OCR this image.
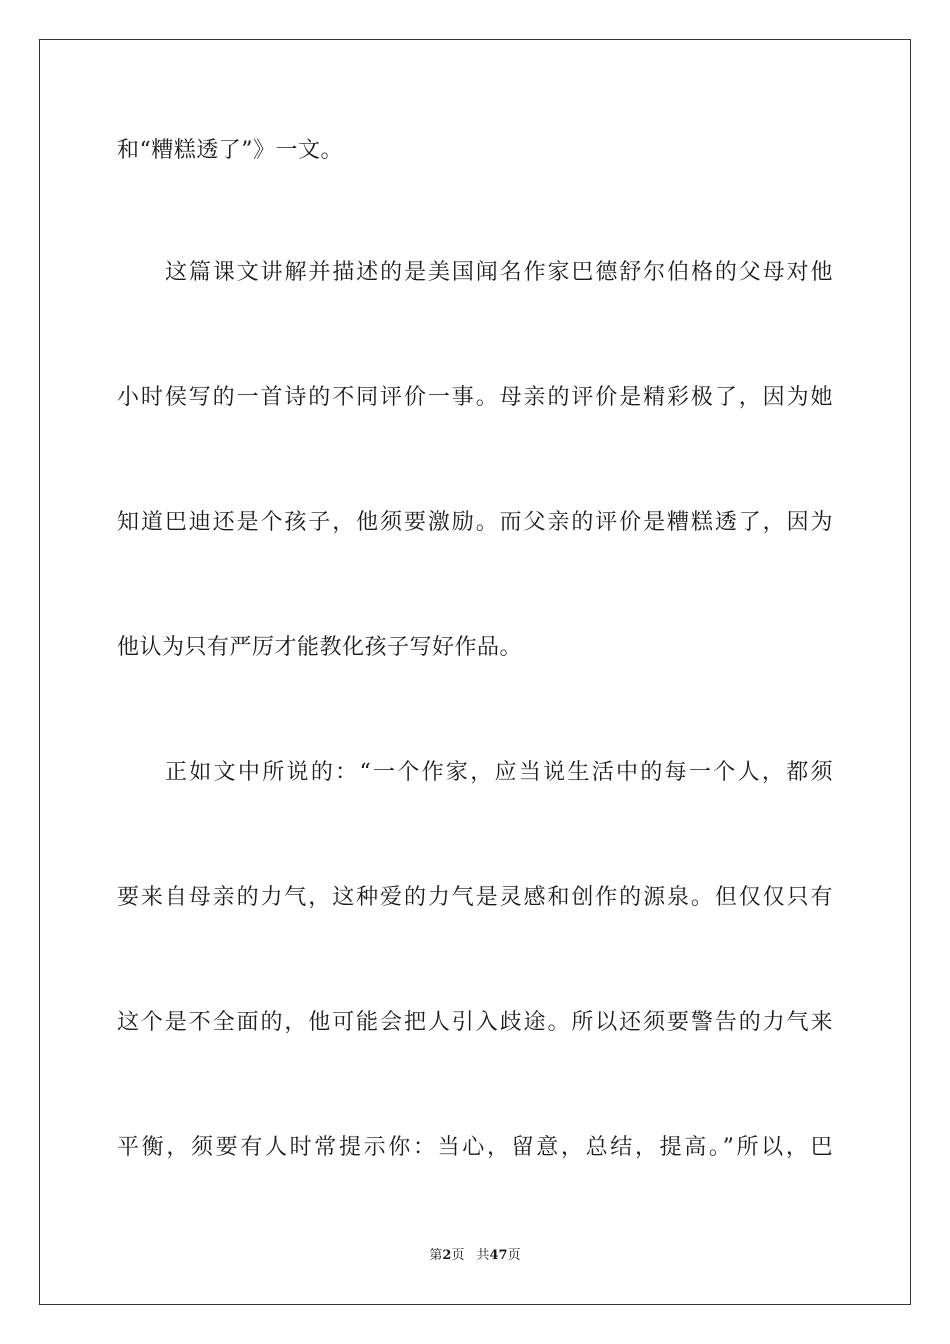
和“糟糕透了”》一文。
这篇课文讲解并描述的是美国闻名作家巴德舒尔伯格的父母对他
小时侯写的一首诗的不同评价一事。母亲的评价是精彩极了，因为她
知道巴迪还是个孩子，他须要激励。而父亲的评价是糟糕透了，因为
他认为只有严厉才能教化孩子写好作品。
正如文中所说的：“一个作家，应当说生活中的每一个人，都须
要来自母亲的力气，这种爱的力气是灵感和创作的源泉。但仅仅只有
这个是不全面的，他可能会把人引入歧途。所以还须要警告的力气来
平衡，须要有人时常提示你：当心，留意，总结，提高。”所以，巴
第2页 共47页
